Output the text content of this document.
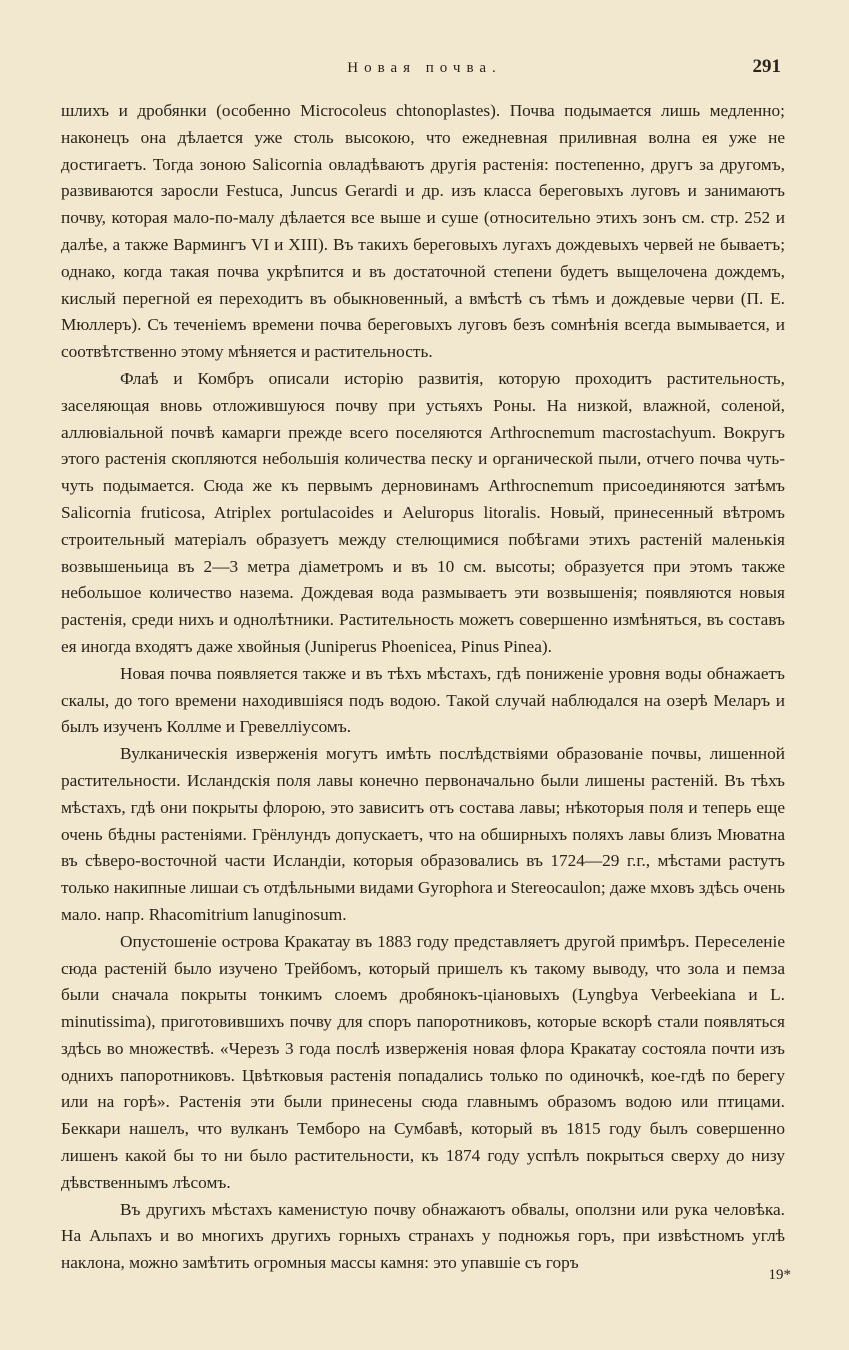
Новая почва.	291

шлихъ и дробянки (особенно Microcoleus chtonoplastes). Почва подымается лишь медленно; наконецъ она дѣлается уже столь высокою, что ежедневная приливная волна ея уже не достигаетъ. Тогда зоною Salicornia овладѣваютъ другія растенія: постепенно, другъ за другомъ, развиваются заросли Festuca, Juncus Gerardi и др. изъ класса береговыхъ луговъ и занимаютъ почву, которая мало-по-малу дѣлается все выше и суше (относительно этихъ зонъ см. стр. 252 и далѣе, а также Вармингъ VI и XIII). Въ такихъ береговыхъ лугахъ дождевыхъ червей не бываетъ; однако, когда такая почва укрѣпится и въ достаточной степени будетъ выщелочена дождемъ, кислый перегной ея переходитъ въ обыкновенный, а вмѣстѣ съ тѣмъ и дождевые черви (П. Е. Мюллеръ). Съ теченіемъ времени почва береговыхъ луговъ безъ сомнѣнія всегда вымывается, и соотвѣтственно этому мѣняется и растительность.

Флаѣ и Комбръ описали исторію развитія, которую проходитъ растительность, заселяющая вновь отложившуюся почву при устьяхъ Роны. На низкой, влажной, соленой, аллювіальной почвѣ камарги прежде всего поселяются Arthrocnemum macrostachyum. Вокругъ этого растенія скопляются небольшія количества песку и органической пыли, отчего почва чуть-чуть подымается. Сюда же къ первымъ дерновинамъ Arthrocnemum присоединяются затѣмъ Salicornia fruticosa, Atriplex portulacoides и Aeluropus litoralis. Новый, принесенный вѣтромъ строительный матеріалъ образуетъ между стелющимися побѣгами этихъ растеній маленькія возвышеньица въ 2—3 метра діаметромъ и въ 10 см. высоты; образуется при этомъ также небольшое количество назема. Дождевая вода размываетъ эти возвышенія; появляются новыя растенія, среди нихъ и однолѣтники. Растительность можетъ совершенно измѣняться, въ составъ ея иногда входятъ даже хвойныя (Juniperus Phoenicea, Pinus Pinea).

Новая почва появляется также и въ тѣхъ мѣстахъ, гдѣ пониженіе уровня воды обнажаетъ скалы, до того времени находившіяся подъ водою. Такой случай наблюдался на озерѣ Меларъ и былъ изученъ Коллме и Гревеллiусомъ.

Вулканическія изверженія могутъ имѣть послѣдствіями образованіе почвы, лишенной растительности. Исландскія поля лавы конечно первоначально были лишены растеній. Въ тѣхъ мѣстахъ, гдѣ они покрыты флорою, это зависитъ отъ состава лавы; нѣкоторыя поля и теперь еще очень бѣдны растеніями. Грёнлундъ допускаетъ, что на обширныхъ поляхъ лавы близъ Мюватна въ сѣверо-восточной части Исландіи, которыя образовались въ 1724—29 г.г., мѣстами растутъ только накипные лишаи съ отдѣльными видами Gyrophora и Stereocaulon; даже мховъ здѣсь очень мало. напр. Rhacomitrium lanuginosum.

Опустошеніе острова Кракатау въ 1883 году представляетъ другой примѣръ. Переселеніе сюда растеній было изучено Трейбомъ, который пришелъ къ такому выводу, что зола и пемза были сначала покрыты тонкимъ слоемъ дробянокъ-ціановыхъ (Lyngbya Verbeekiana и L. minutissima), приготовившихъ почву для споръ папоротниковъ, которые вскорѣ стали появляться здѣсь во множествѣ. «Черезъ 3 года послѣ изверженія новая флора Кракатау состояла почти изъ однихъ папоротниковъ. Цвѣтковыя растенія попадались только по одиночкѣ, кое-гдѣ по берегу или на горѣ». Растенія эти были принесены сюда главнымъ образомъ водою или птицами. Беккари нашелъ, что вулканъ Темборо на Сумбавѣ, который въ 1815 году былъ совершенно лишенъ какой бы то ни было растительности, къ 1874 году успѣлъ покрыться сверху до низу дѣвственнымъ лѣсомъ.

Въ другихъ мѣстахъ каменистую почву обнажаютъ обвалы, оползни или рука человѣка. На Альпахъ и во многихъ другихъ горныхъ странахъ у подножья горъ, при извѣстномъ углѣ наклона, можно замѣтить огромныя массы камня: это упавшіе съ горъ

19*
